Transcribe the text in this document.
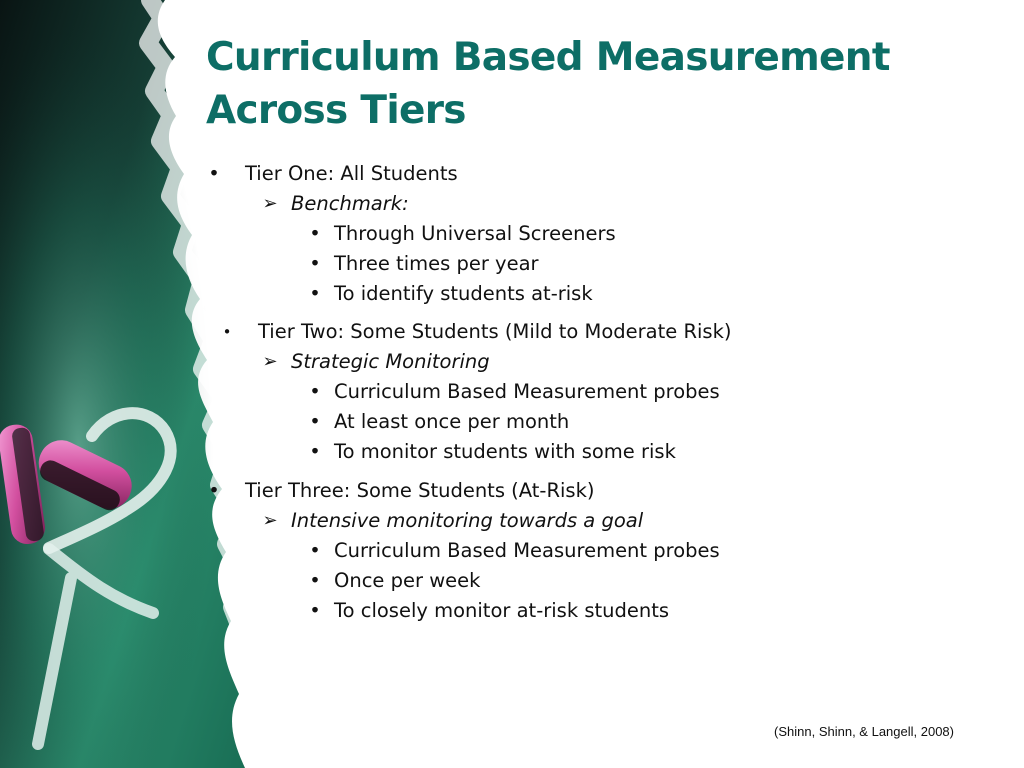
Curriculum Based Measurement
Across Tiers
• Tier One: All Students
➢ Benchmark:
• Through Universal Screeners
• Three times per year
• To identify students at-risk
• Tier Two: Some Students (Mild to Moderate Risk)
➢ Strategic Monitoring
• Curriculum Based Measurement probes
• At least once per month
• To monitor students with some risk
• Tier Three: Some Students (At-Risk)
➢ Intensive monitoring towards a goal
• Curriculum Based Measurement probes
• Once per week
• To closely monitor at-risk students

(Shinn, Shinn, & Langell, 2008)
